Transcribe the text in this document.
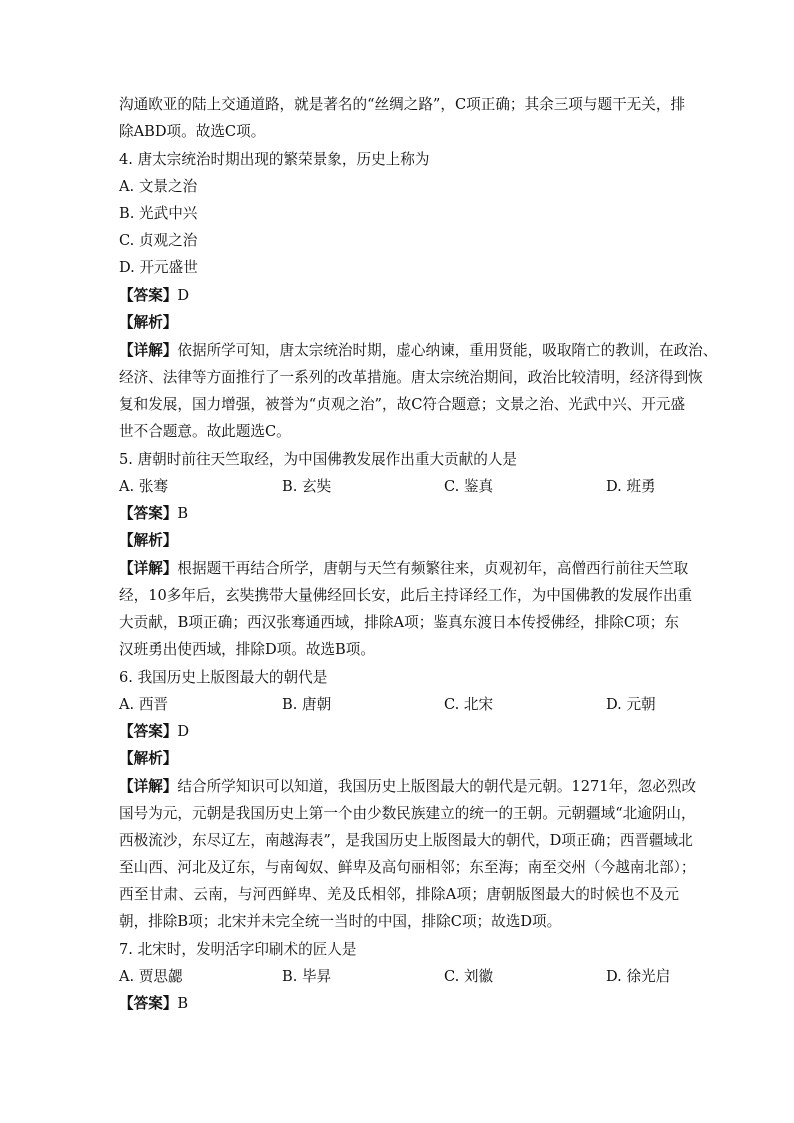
沟通欧亚的陆上交通道路，就是著名的“丝绸之路”，C项正确；其余三项与题干无关，排
除ABD项。故选C项。
4. 唐太宗统治时期出现的繁荣景象，历史上称为
A. 文景之治
B. 光武中兴
C. 贞观之治
D. 开元盛世
【答案】D
【解析】
【详解】依据所学可知，唐太宗统治时期，虚心纳谏，重用贤能，吸取隋亡的教训，在政治、
经济、法律等方面推行了一系列的改革措施。唐太宗统治期间，政治比较清明，经济得到恢
复和发展，国力增强，被誉为“贞观之治”，故C符合题意；文景之治、光武中兴、开元盛
世不合题意。故此题选C。
5. 唐朝时前往天竺取经，为中国佛教发展作出重大贡献的人是
A. 张骞	B. 玄奘	C. 鉴真	D. 班勇
【答案】B
【解析】
【详解】根据题干再结合所学，唐朝与天竺有频繁往来，贞观初年，高僧西行前往天竺取
经，10多年后，玄奘携带大量佛经回长安，此后主持译经工作，为中国佛教的发展作出重
大贡献，B项正确；西汉张骞通西域，排除A项；鉴真东渡日本传授佛经，排除C项；东
汉班勇出使西域，排除D项。故选B项。
6. 我国历史上版图最大的朝代是
A. 西晋	B. 唐朝	C. 北宋	D. 元朝
【答案】D
【解析】
【详解】结合所学知识可以知道，我国历史上版图最大的朝代是元朝。1271年，忽必烈改
国号为元，元朝是我国历史上第一个由少数民族建立的统一的王朝。元朝疆域“北逾阴山，
西极流沙，东尽辽左，南越海表”，是我国历史上版图最大的朝代，D项正确；西晋疆域北
至山西、河北及辽东，与南匈奴、鲜卑及高句丽相邻；东至海；南至交州（今越南北部）；
西至甘肃、云南，与河西鲜卑、羌及氐相邻，排除A项；唐朝版图最大的时候也不及元
朝，排除B项；北宋并未完全统一当时的中国，排除C项；故选D项。
7. 北宋时，发明活字印刷术的匠人是
A. 贾思勰	B. 毕昇	C. 刘徽	D. 徐光启
【答案】B
